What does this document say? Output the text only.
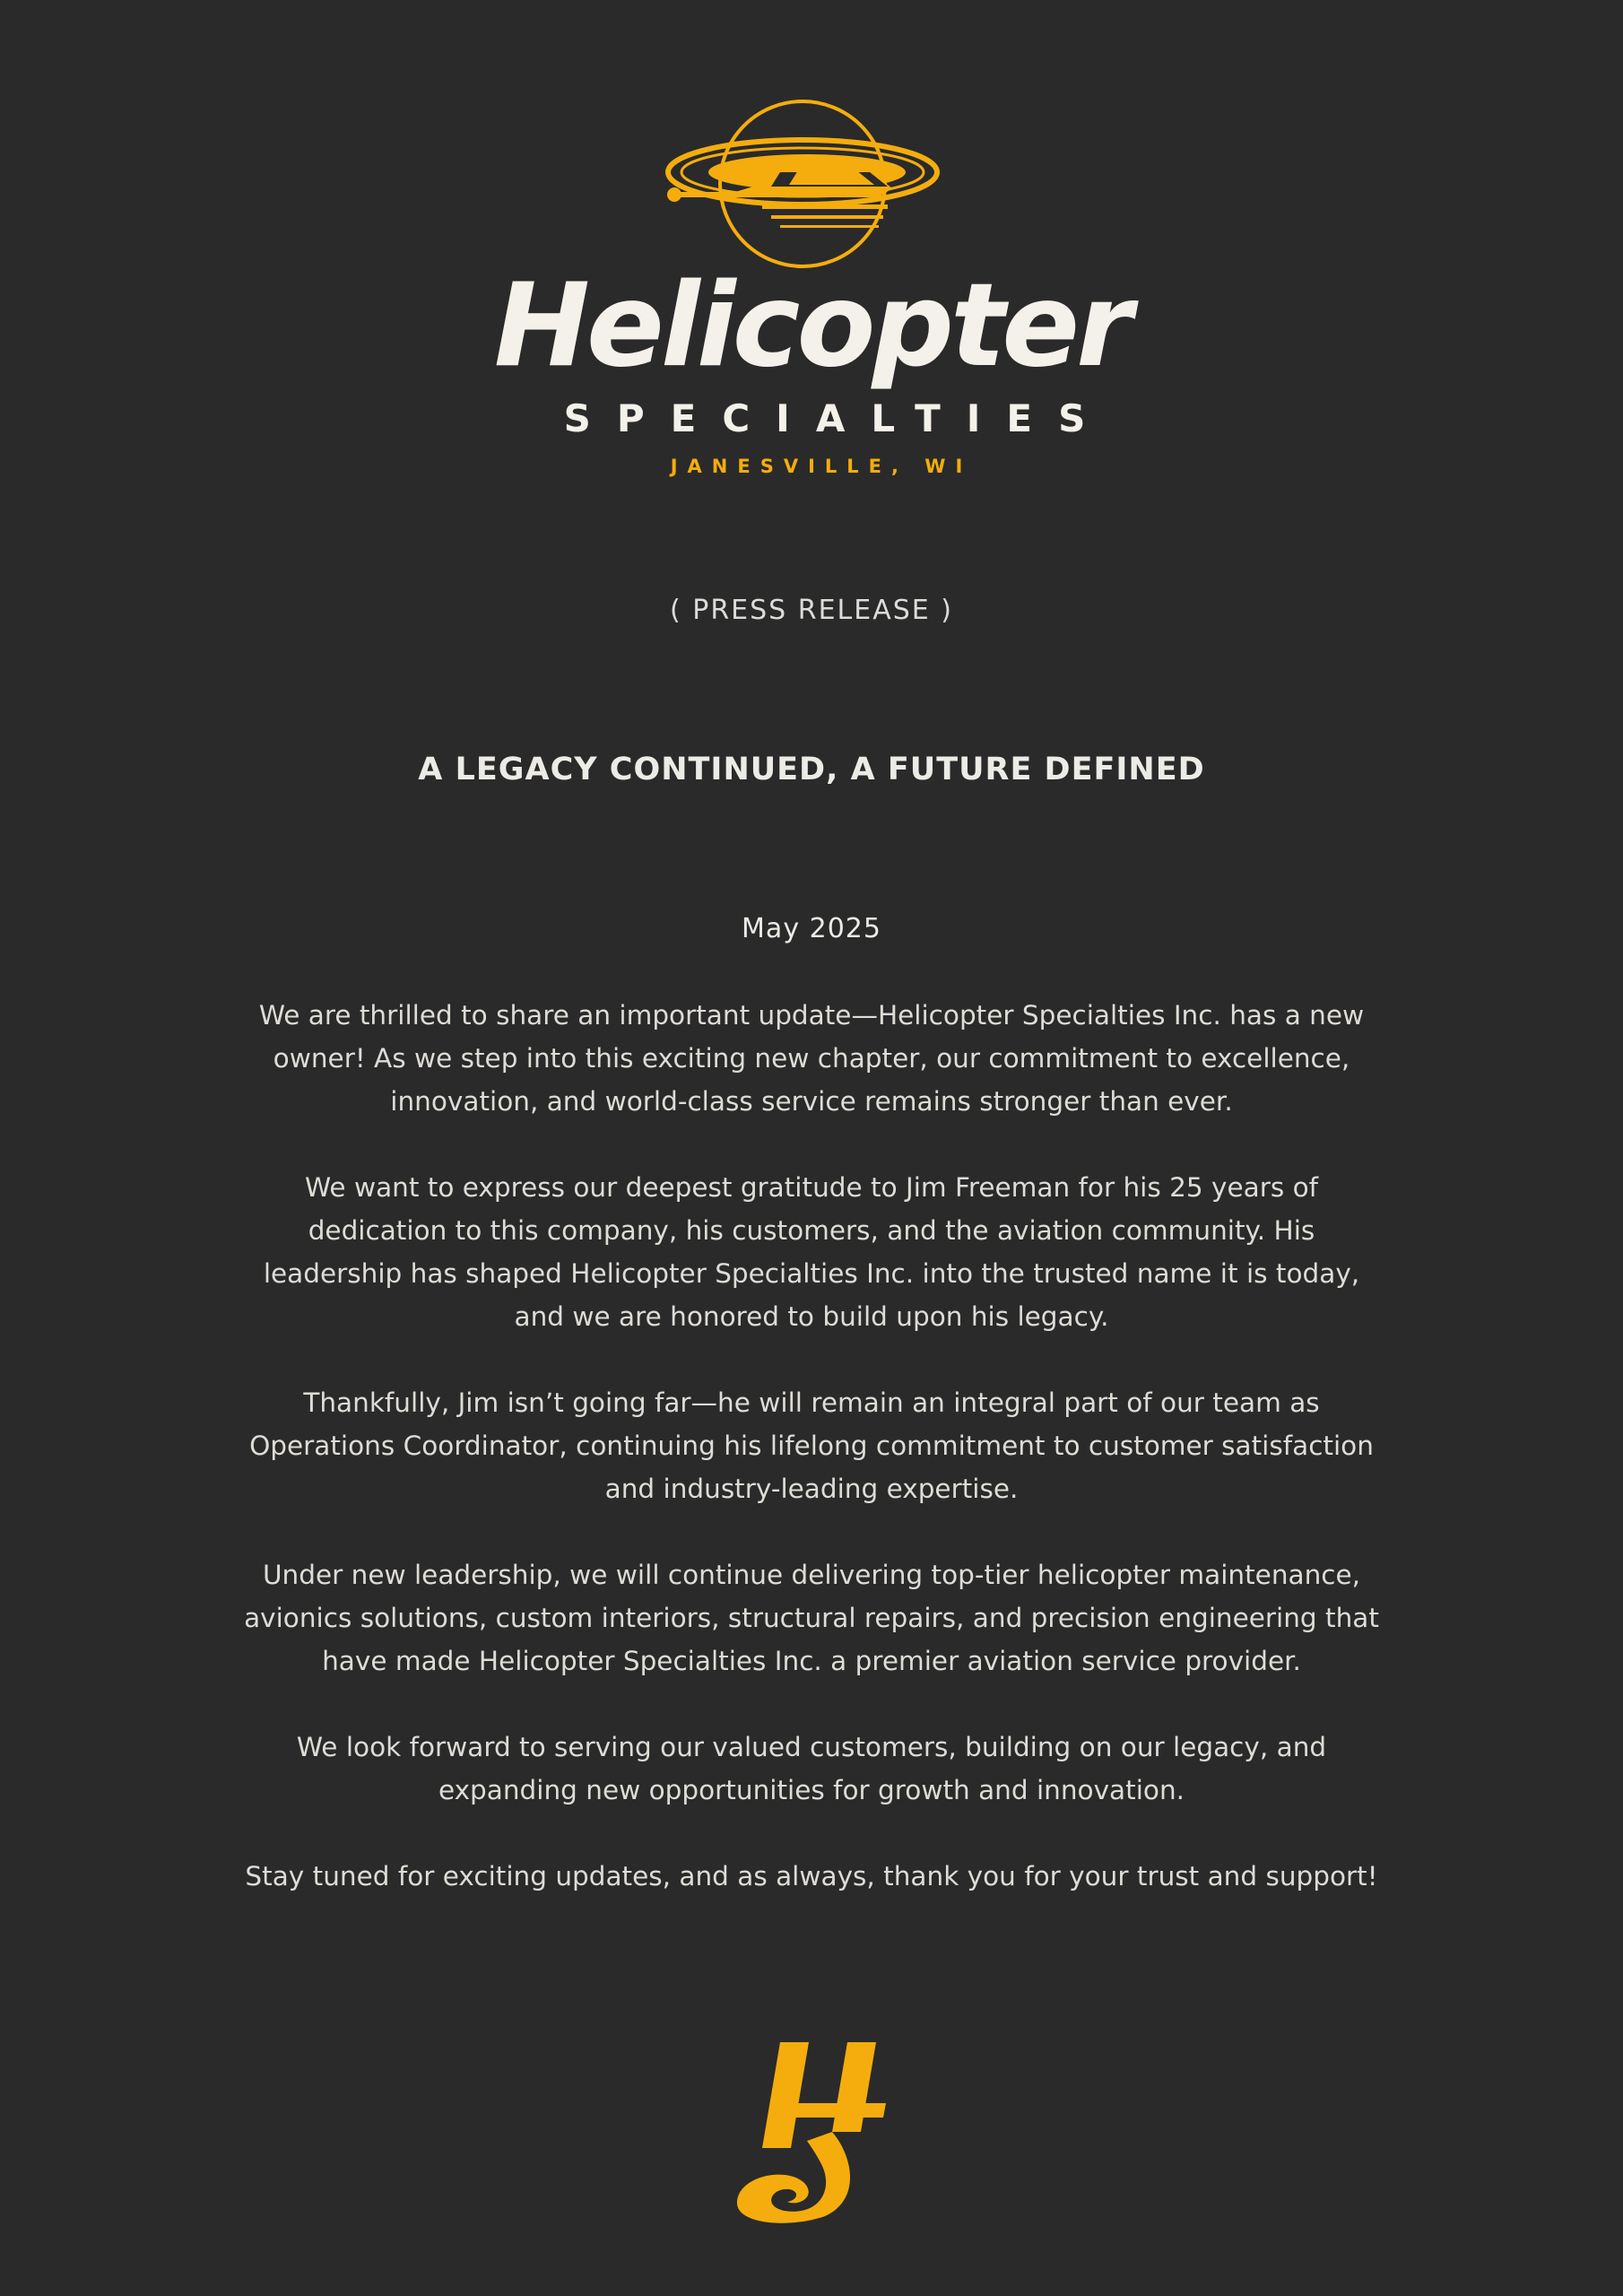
Helicopter
SPECIALTIES
JANESVILLE, WI
( PRESS RELEASE )
A LEGACY CONTINUED, A FUTURE DEFINED
May 2025

We are thrilled to share an important update—Helicopter Specialties Inc. has a new owner! As we step into this exciting new chapter, our commitment to excellence, innovation, and world-class service remains stronger than ever.

We want to express our deepest gratitude to Jim Freeman for his 25 years of dedication to this company, his customers, and the aviation community. His leadership has shaped Helicopter Specialties Inc. into the trusted name it is today, and we are honored to build upon his legacy.

Thankfully, Jim isn’t going far—he will remain an integral part of our team as Operations Coordinator, continuing his lifelong commitment to customer satisfaction and industry-leading expertise.

Under new leadership, we will continue delivering top-tier helicopter maintenance, avionics solutions, custom interiors, structural repairs, and precision engineering that have made Helicopter Specialties Inc. a premier aviation service provider.

We look forward to serving our valued customers, building on our legacy, and expanding new opportunities for growth and innovation.

Stay tuned for exciting updates, and as always, thank you for your trust and support!
